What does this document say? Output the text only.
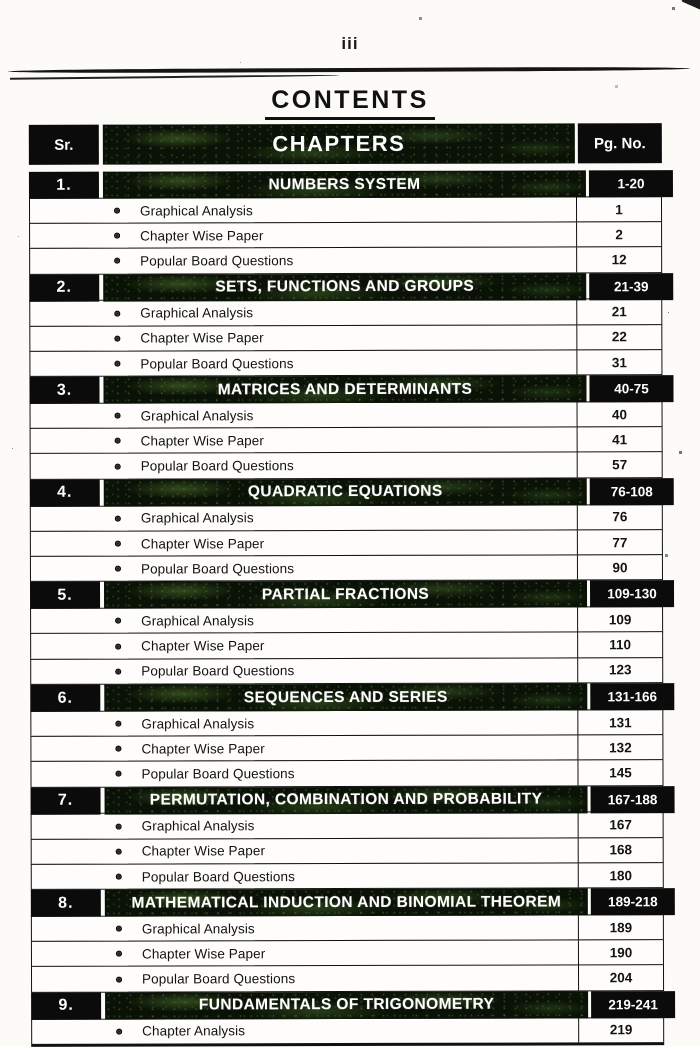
iii
CONTENTS
Sr.	CHAPTERS	Pg. No.
1.	NUMBERS SYSTEM	1-20
Graphical Analysis	1
Chapter Wise Paper	2
Popular Board Questions	12
2.	SETS, FUNCTIONS AND GROUPS	21-39
Graphical Analysis	21
Chapter Wise Paper	22
Popular Board Questions	31
3.	MATRICES AND DETERMINANTS	40-75
Graphical Analysis	40
Chapter Wise Paper	41
Popular Board Questions	57
4.	QUADRATIC EQUATIONS	76-108
Graphical Analysis	76
Chapter Wise Paper	77
Popular Board Questions	90
5.	PARTIAL FRACTIONS	109-130
Graphical Analysis	109
Chapter Wise Paper	110
Popular Board Questions	123
6.	SEQUENCES AND SERIES	131-166
Graphical Analysis	131
Chapter Wise Paper	132
Popular Board Questions	145
7.	PERMUTATION, COMBINATION AND PROBABILITY	167-188
Graphical Analysis	167
Chapter Wise Paper	168
Popular Board Questions	180
8.	MATHEMATICAL INDUCTION AND BINOMIAL THEOREM	189-218
Graphical Analysis	189
Chapter Wise Paper	190
Popular Board Questions	204
9.	FUNDAMENTALS OF TRIGONOMETRY	219-241
Chapter Analysis	219
